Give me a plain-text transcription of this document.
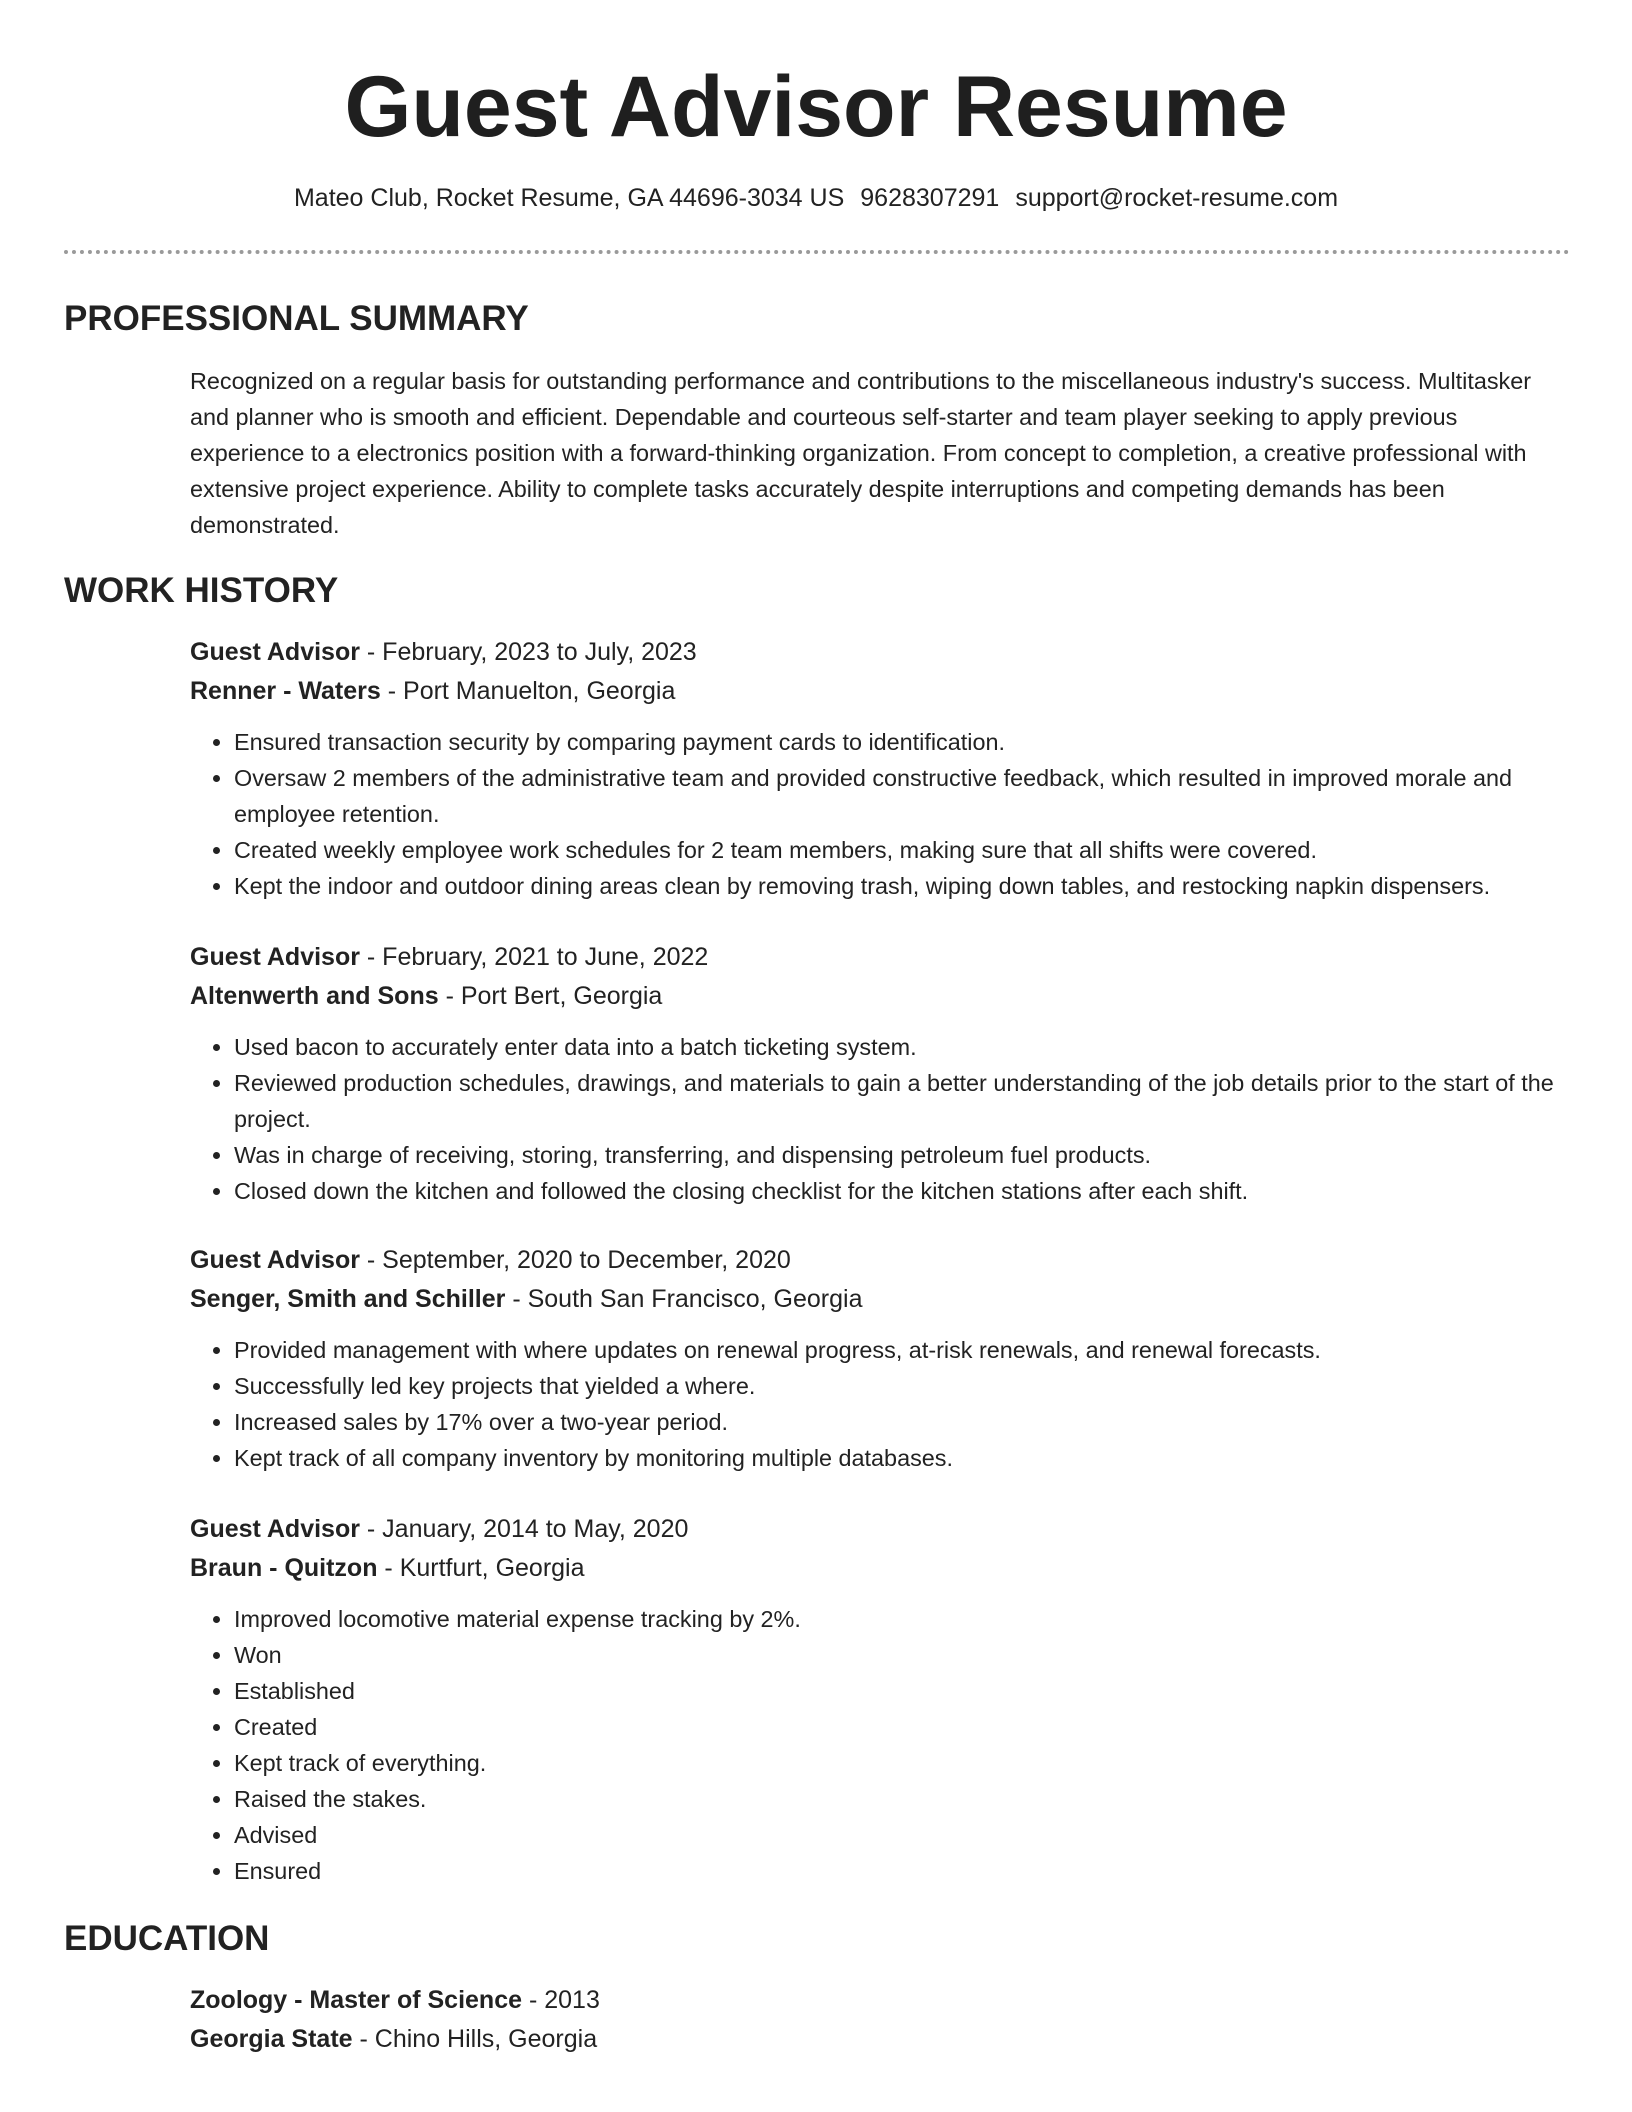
Guest Advisor Resume
Mateo Club, Rocket Resume, GA 44696-3034 US 9628307291 support@rocket-resume.com
PROFESSIONAL SUMMARY

Recognized on a regular basis for outstanding performance and contributions to the miscellaneous industry's success. Multitasker and planner who is smooth and efficient. Dependable and courteous self-starter and team player seeking to apply previous experience to a electronics position with a forward-thinking organization. From concept to completion, a creative professional with extensive project experience. Ability to complete tasks accurately despite interruptions and competing demands has been demonstrated.

WORK HISTORY
Guest Advisor - February, 2023 to July, 2023
Renner - Waters - Port Manuelton, Georgia
• Ensured transaction security by comparing payment cards to identification.
• Oversaw 2 members of the administrative team and provided constructive feedback, which resulted in improved morale and employee retention.
• Created weekly employee work schedules for 2 team members, making sure that all shifts were covered.
• Kept the indoor and outdoor dining areas clean by removing trash, wiping down tables, and restocking napkin dispensers.
Guest Advisor - February, 2021 to June, 2022
Altenwerth and Sons - Port Bert, Georgia
• Used bacon to accurately enter data into a batch ticketing system.
• Reviewed production schedules, drawings, and materials to gain a better understanding of the job details prior to the start of the project.
• Was in charge of receiving, storing, transferring, and dispensing petroleum fuel products.
• Closed down the kitchen and followed the closing checklist for the kitchen stations after each shift.
Guest Advisor - September, 2020 to December, 2020
Senger, Smith and Schiller - South San Francisco, Georgia
• Provided management with where updates on renewal progress, at-risk renewals, and renewal forecasts.
• Successfully led key projects that yielded a where.
• Increased sales by 17% over a two-year period.
• Kept track of all company inventory by monitoring multiple databases.
Guest Advisor - January, 2014 to May, 2020
Braun - Quitzon - Kurtfurt, Georgia
• Improved locomotive material expense tracking by 2%.
• Won
• Established
• Created
• Kept track of everything.
• Raised the stakes.
• Advised
• Ensured
EDUCATION
Zoology - Master of Science - 2013
Georgia State - Chino Hills, Georgia
